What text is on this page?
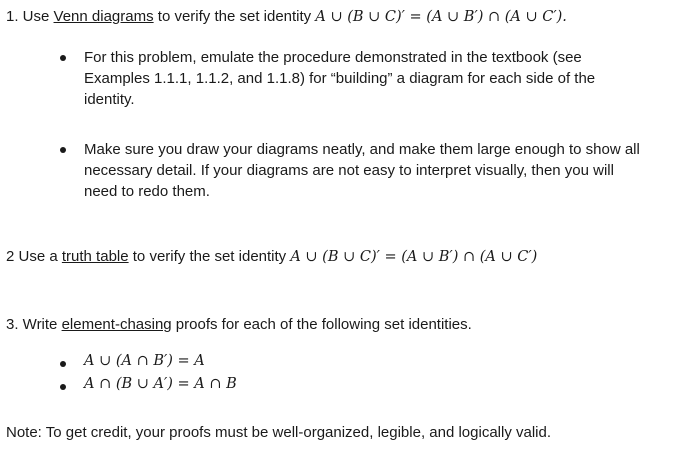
1. Use Venn diagrams to verify the set identity A ∪ (B ∪ C)′ = (A ∪ B′) ∩ (A ∪ C′).
For this problem, emulate the procedure demonstrated in the textbook (see
Examples 1.1.1, 1.1.2, and 1.1.8) for “building” a diagram for each side of the
identity.
Make sure you draw your diagrams neatly, and make them large enough to show all
necessary detail. If your diagrams are not easy to interpret visually, then you will
need to redo them.
2 Use a truth table to verify the set identity A ∪ (B ∪ C)′ = (A ∪ B′) ∩ (A ∪ C′)
3. Write element-chasing proofs for each of the following set identities.
A ∪ (A ∩ B′) = A
A ∩ (B ∪ A′) = A ∩ B
Note: To get credit, your proofs must be well-organized, legible, and logically valid.
